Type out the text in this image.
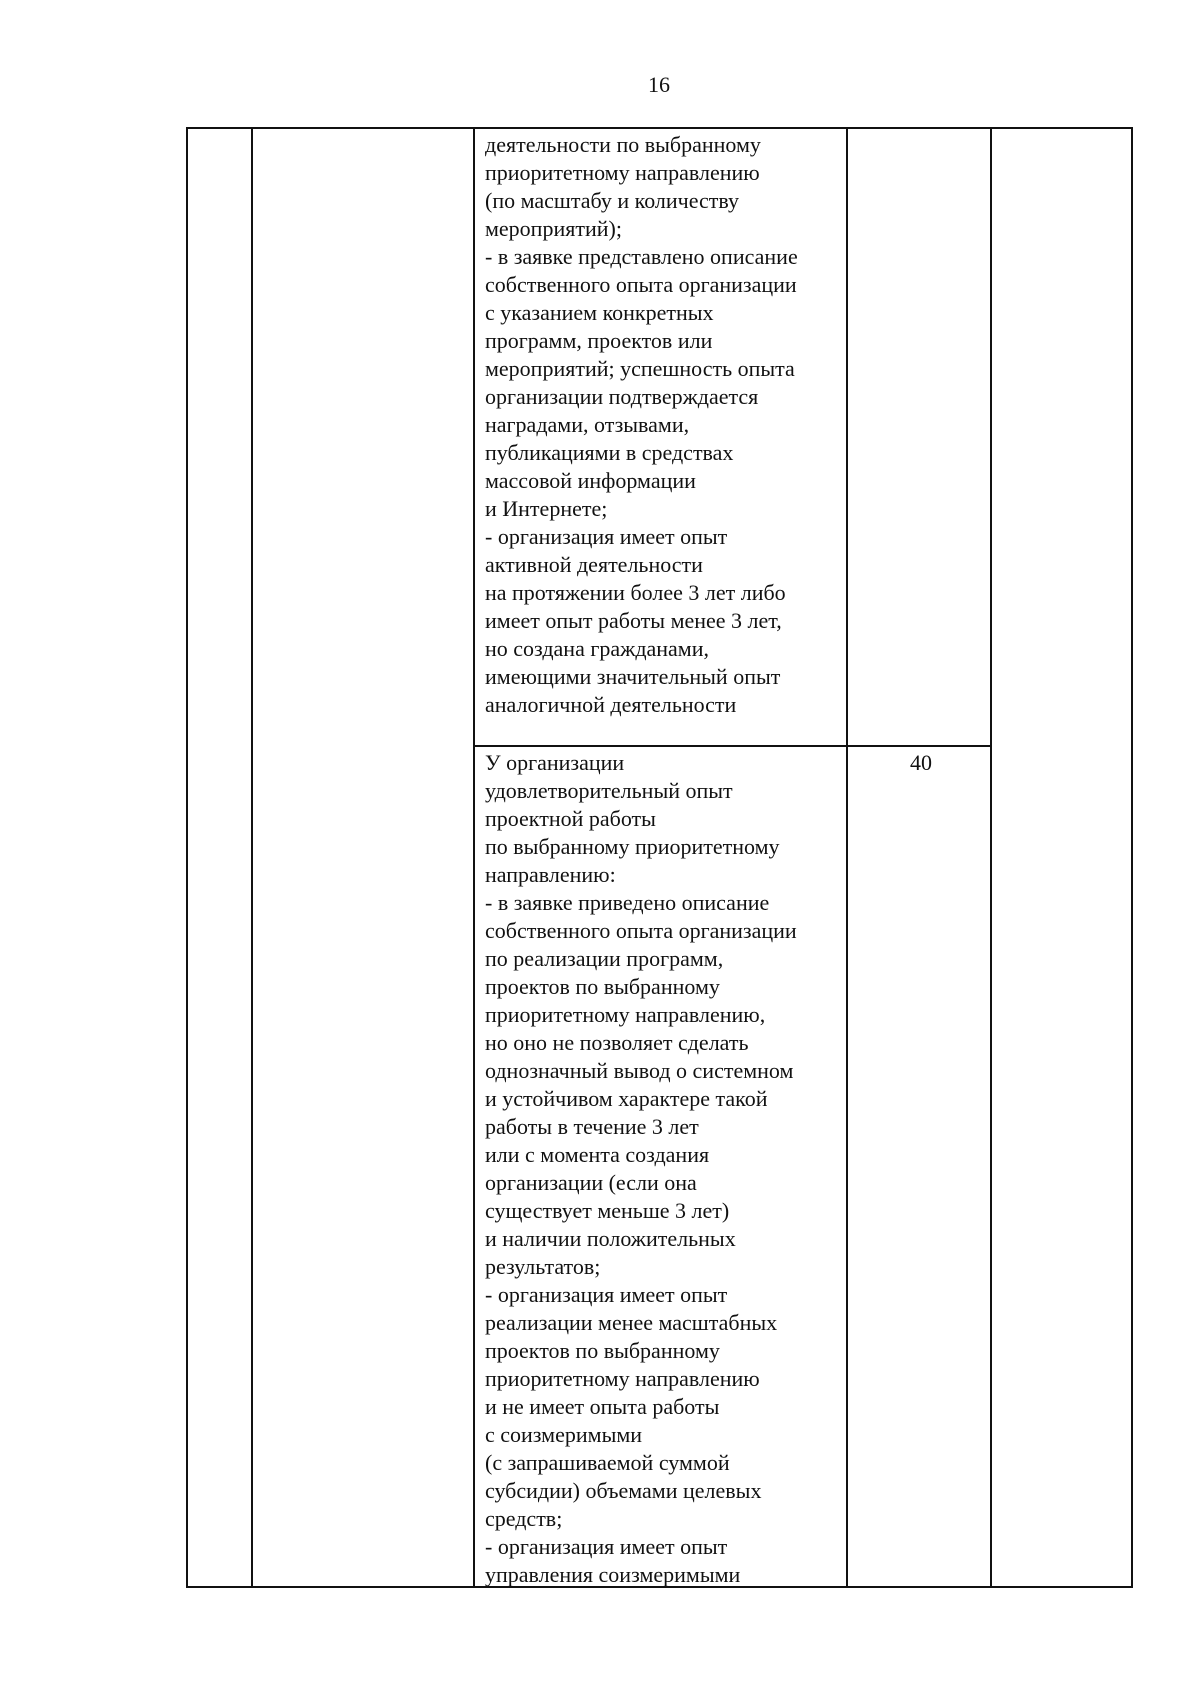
16
деятельности по выбранному
приоритетному направлению
(по масштабу и количеству
мероприятий);
- в заявке представлено описание
собственного опыта организации
с указанием конкретных
программ, проектов или
мероприятий; успешность опыта
организации подтверждается
наградами, отзывами,
публикациями в средствах
массовой информации
и Интернете;
- организация имеет опыт
активной деятельности
на протяжении более 3 лет либо
имеет опыт работы менее 3 лет,
но создана гражданами,
имеющими значительный опыт
аналогичной деятельности
У организации
удовлетворительный опыт
проектной работы
по выбранному приоритетному
направлению:
- в заявке приведено описание
собственного опыта организации
по реализации программ,
проектов по выбранному
приоритетному направлению,
но оно не позволяет сделать
однозначный вывод о системном
и устойчивом характере такой
работы в течение 3 лет
или с момента создания
организации (если она
существует меньше 3 лет)
и наличии положительных
результатов;
- организация имеет опыт
реализации менее масштабных
проектов по выбранному
приоритетному направлению
и не имеет опыта работы
с соизмеримыми
(с запрашиваемой суммой
субсидии) объемами целевых
средств;
- организация имеет опыт
управления соизмеримыми
40
